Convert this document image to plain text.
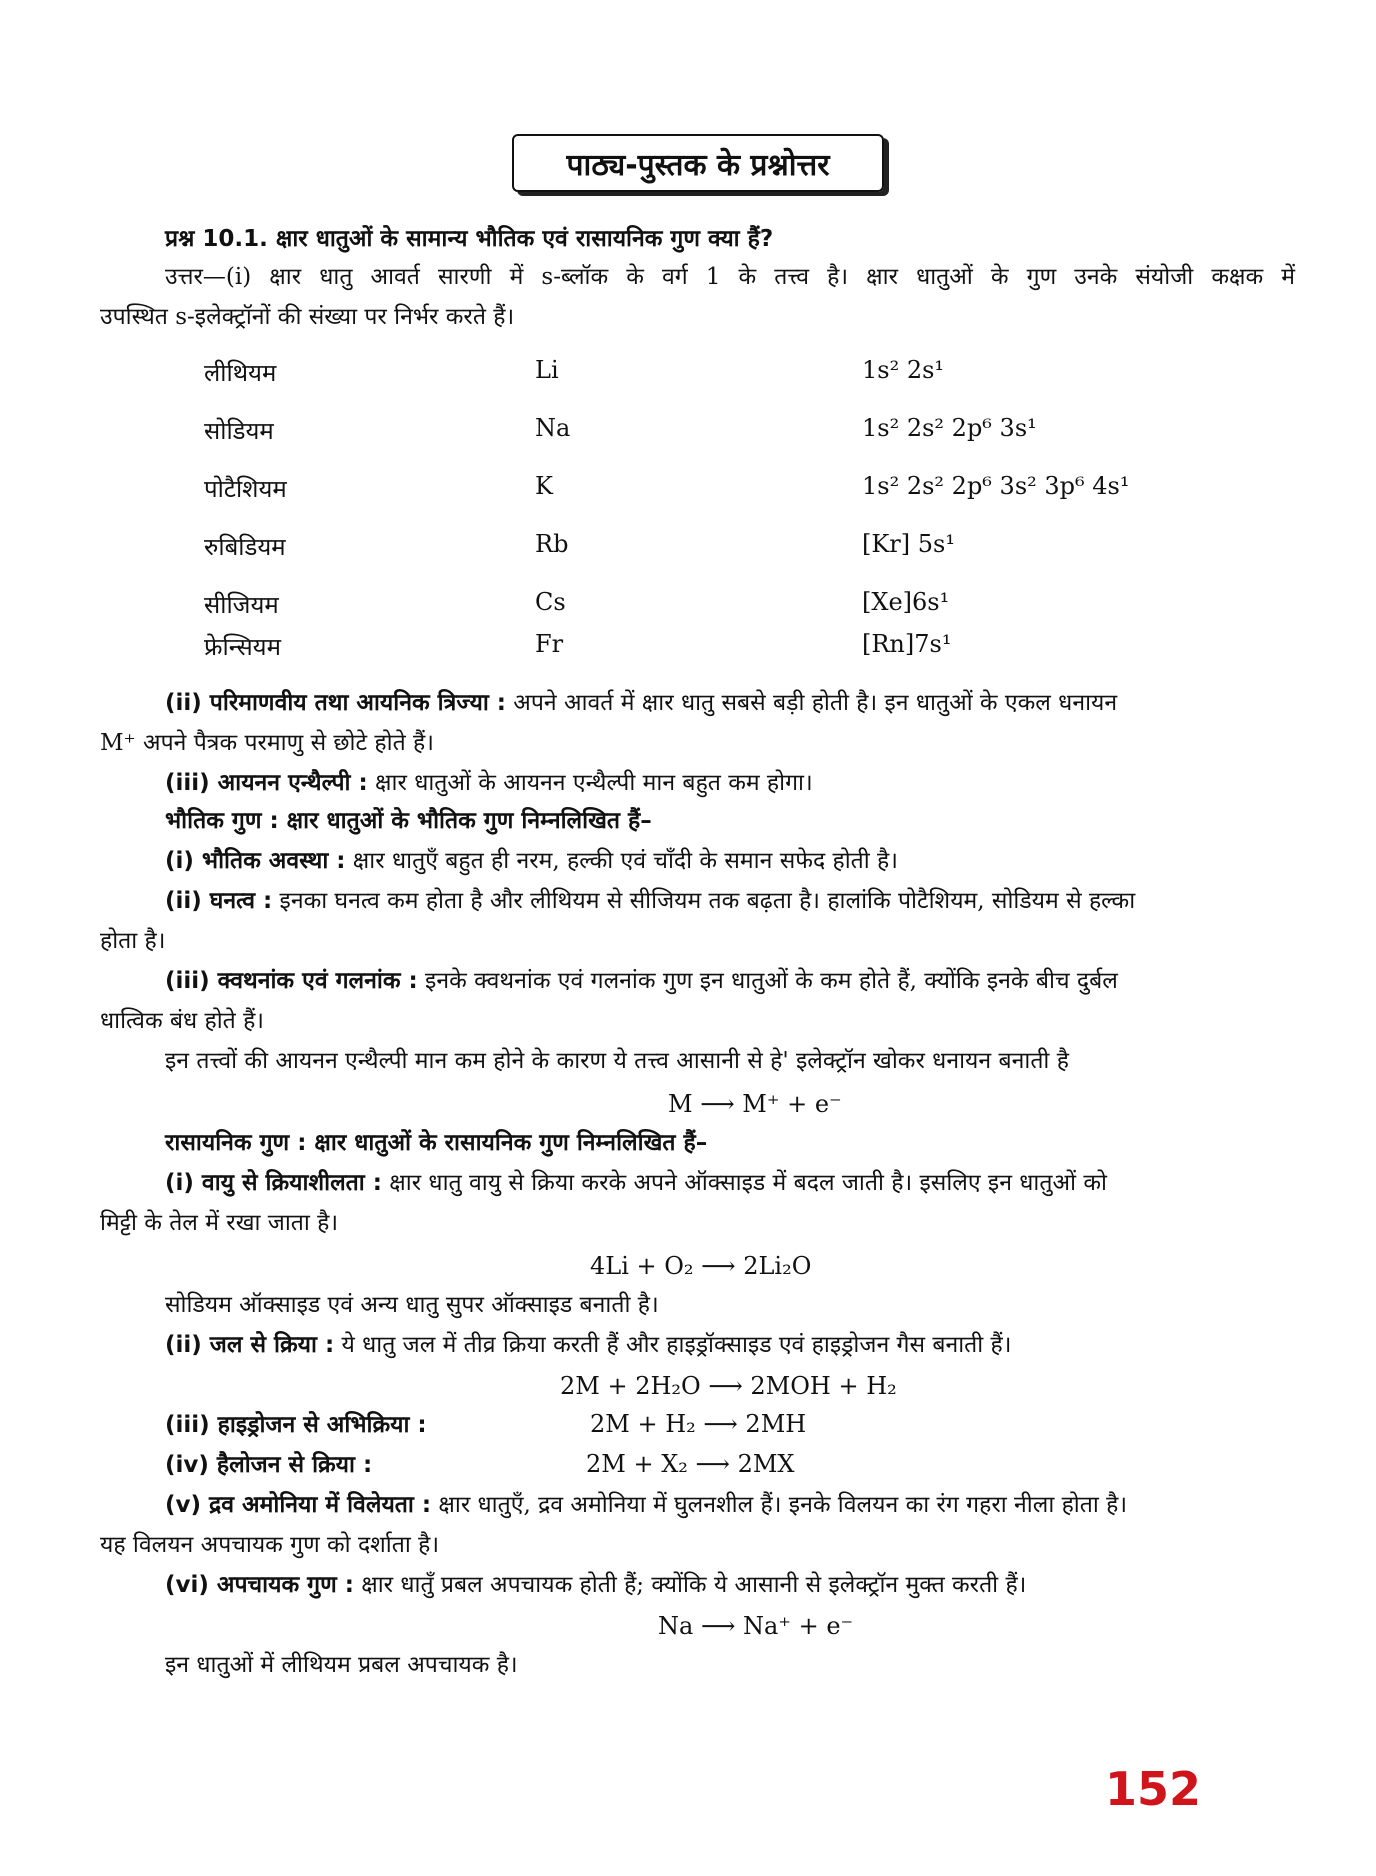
पाठ्य-पुस्तक के प्रश्नोत्तर
प्रश्न 10.1. क्षार धातुओं के सामान्य भौतिक एवं रासायनिक गुण क्या हैं?
उत्तर—(i) क्षार धातु आवर्त सारणी में s-ब्लॉक के वर्ग 1 के तत्त्व है। क्षार धातुओं के गुण उनके संयोजी कक्षक में
उपस्थित s-इलेक्ट्रॉनों की संख्या पर निर्भर करते हैं।
लीथियम	Li	1s² 2s¹
सोडियम	Na	1s² 2s² 2p⁶ 3s¹
पोटैशियम	K	1s² 2s² 2p⁶ 3s² 3p⁶ 4s¹
रुबिडियम	Rb	[Kr] 5s¹
सीजियम	Cs	[Xe]6s¹
फ्रेन्सियम	Fr	[Rn]7s¹
(ii) परिमाणवीय तथा आयनिक त्रिज्या : अपने आवर्त में क्षार धातु सबसे बड़ी होती है। इन धातुओं के एकल धनायन
M⁺ अपने पैत्रक परमाणु से छोटे होते हैं।
(iii) आयनन एन्थैल्पी : क्षार धातुओं के आयनन एन्थैल्पी मान बहुत कम होगा।
भौतिक गुण : क्षार धातुओं के भौतिक गुण निम्नलिखित हैं–
(i) भौतिक अवस्था : क्षार धातुएँ बहुत ही नरम, हल्की एवं चाँदी के समान सफेद होती है।
(ii) घनत्व : इनका घनत्व कम होता है और लीथियम से सीजियम तक बढ़ता है। हालांकि पोटैशियम, सोडियम से हल्का
होता है।
(iii) क्वथनांक एवं गलनांक : इनके क्वथनांक एवं गलनांक गुण इन धातुओं के कम होते हैं, क्योंकि इनके बीच दुर्बल
धात्विक बंध होते हैं।
इन तत्त्वों की आयनन एन्थैल्पी मान कम होने के कारण ये तत्त्व आसानी से हे' इलेक्ट्रॉन खोकर धनायन बनाती है
M ⟶ M⁺ + e⁻
रासायनिक गुण : क्षार धातुओं के रासायनिक गुण निम्नलिखित हैं–
(i) वायु से क्रियाशीलता : क्षार धातु वायु से क्रिया करके अपने ऑक्साइड में बदल जाती है। इसलिए इन धातुओं को
मिट्टी के तेल में रखा जाता है।
4Li + O₂ ⟶ 2Li₂O
सोडियम ऑक्साइड एवं अन्य धातु सुपर ऑक्साइड बनाती है।
(ii) जल से क्रिया : ये धातु जल में तीव्र क्रिया करती हैं और हाइड्रॉक्साइड एवं हाइड्रोजन गैस बनाती हैं।
2M + 2H₂O ⟶ 2MOH + H₂
(iii) हाइड्रोजन से अभिक्रिया :	2M + H₂ ⟶ 2MH
(iv) हैलोजन से क्रिया :	2M + X₂ ⟶ 2MX
(v) द्रव अमोनिया में विलेयता : क्षार धातुएँ, द्रव अमोनिया में घुलनशील हैं। इनके विलयन का रंग गहरा नीला होता है।
यह विलयन अपचायक गुण को दर्शाता है।
(vi) अपचायक गुण : क्षार धातुँ प्रबल अपचायक होती हैं; क्योंकि ये आसानी से इलेक्ट्रॉन मुक्त करती हैं।
Na ⟶ Na⁺ + e⁻
इन धातुओं में लीथियम प्रबल अपचायक है।
152
